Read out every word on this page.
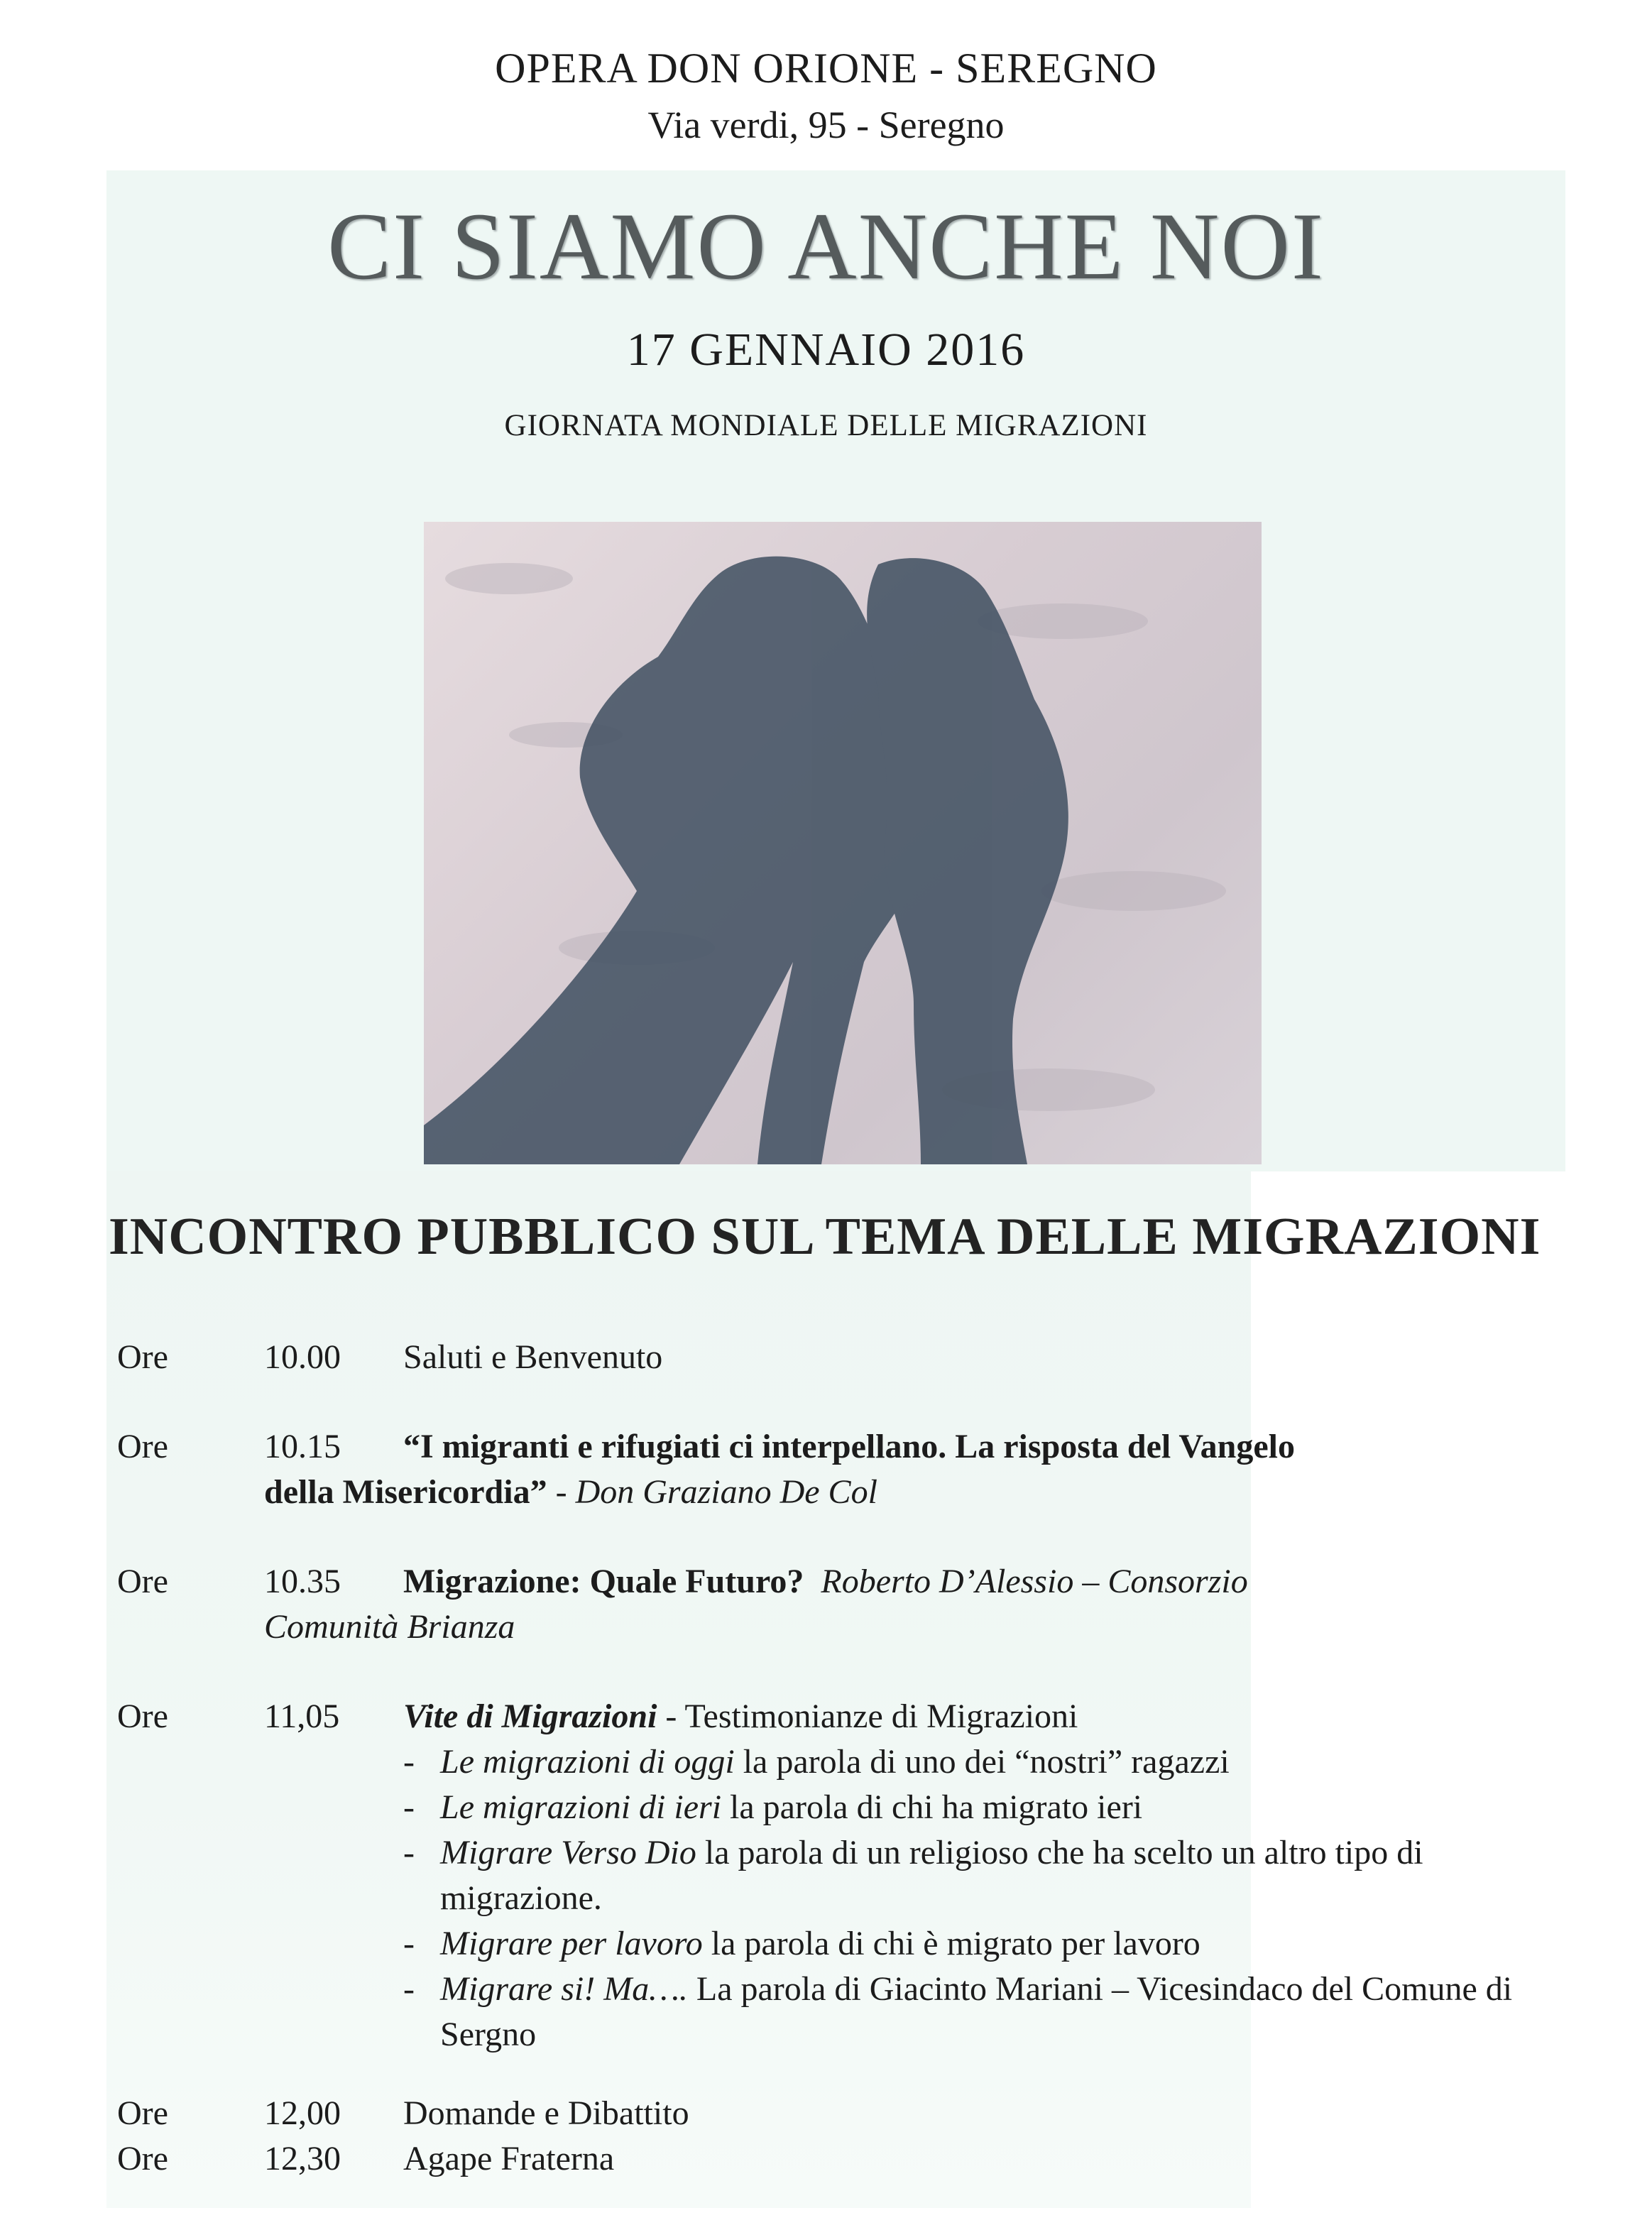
OPERA DON ORIONE - SEREGNO
Via verdi, 95 - Seregno
CI SIAMO ANCHE NOI
17 GENNAIO 2016
GIORNATA MONDIALE DELLE MIGRAZIONI
INCONTRO PUBBLICO SUL TEMA DELLE MIGRAZIONI
Ore	10.00 Saluti e Benvenuto
Ore	10.15 “I migranti e rifugiati ci interpellano. La risposta del Vangelo
della Misericordia” - Don Graziano De Col
Ore	10.35 Migrazione: Quale Futuro? Roberto D’Alessio – Consorzio
Comunità Brianza
Ore	11,05 Vite di Migrazioni - Testimonianze di Migrazioni
- Le migrazioni di oggi la parola di uno dei “nostri” ragazzi
- Le migrazioni di ieri la parola di chi ha migrato ieri
- Migrare Verso Dio la parola di un religioso che ha scelto un altro tipo di migrazione.
- Migrare per lavoro la parola di chi è migrato per lavoro
- Migrare si! Ma…. La parola di Giacinto Mariani – Vicesindaco del Comune di Sergno
Ore	12,00 Domande e Dibattito
Ore	12,30 Agape Fraterna
